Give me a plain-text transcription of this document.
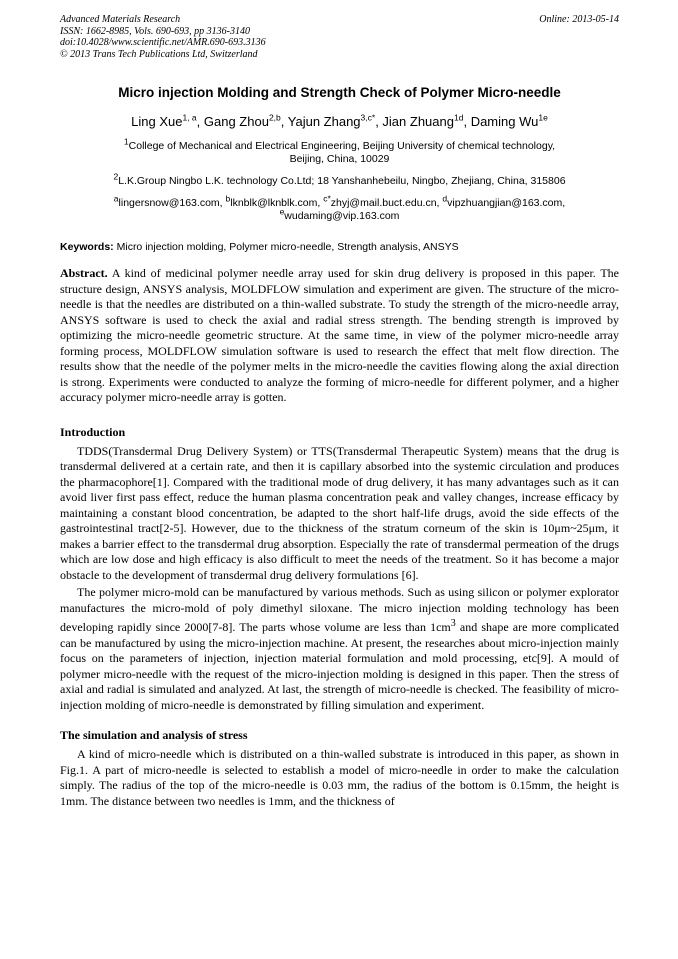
Advanced Materials Research
ISSN: 1662-8985, Vols. 690-693, pp 3136-3140
doi:10.4028/www.scientific.net/AMR.690-693.3136
© 2013 Trans Tech Publications Ltd, Switzerland
Online: 2013-05-14
Micro injection Molding and Strength Check of Polymer Micro-needle
Ling Xue$^{1, a}$, Gang Zhou$^{2,b}$, Yajun Zhang$^{3,c*}$, Jian Zhuang$^{1d}$, Daming $Wu^{1e}$
$^1$College of Mechanical and Electrical Engineering, Beijing University of chemical technology,
Beijing, China, 10029
$^2$L.K.Group Ningbo L.K. technology Co.Ltd; 18 Yanshanhebeilu, Ningbo, Zhejiang, China, 315806
$^a$lingersnow@163.com, $^b$lknblk@lknblk.com, $^{c*}$zhyj@mail.buct.edu.cn, $^d$vipzhuangjian@163.com,
$^e$wudaming@vip.163.com

Keywords: Micro injection molding, Polymer micro-needle, Strength analysis, ANSYS

Abstract. A kind of medicinal polymer needle array used for skin drug delivery is proposed in this paper. The structure design, ANSYS analysis, MOLDFLOW simulation and experiment are given. The structure of the micro-needle is that the needles are distributed on a thin-walled substrate. To study the strength of the micro-needle array, ANSYS software is used to check the axial and radial stress strength. The bending strength is improved by optimizing the micro-needle geometric structure. At the same time, in view of the polymer micro-needle array forming process, MOLDFLOW simulation software is used to research the effect that melt flow direction. The results show that the needle of the polymer melts in the micro-needle the cavities flowing along the axial direction is strong. Experiments were conducted to analyze the forming of micro-needle for different polymer, and a higher accuracy polymer micro-needle array is gotten.

Introduction

TDDS(Transdermal Drug Delivery System) or TTS(Transdermal Therapeutic System) means that the drug is transdermal delivered at a certain rate, and then it is capillary absorbed into the systemic circulation and produces the pharmacophore[1]. Compared with the traditional mode of drug delivery, it has many advantages such as it can avoid liver first pass effect, reduce the human plasma concentration peak and valley changes, increase efficacy by maintaining a constant blood concentration, be adapted to the short half-life drugs, avoid the side effects of the gastrointestinal tract[2-5]. However, due to the thickness of the stratum corneum of the skin is 10μm~25μm, it makes a barrier effect to the transdermal drug absorption. Especially the rate of transdermal permeation of the drugs which are low dose and high efficacy is also difficult to meet the needs of the treatment. So it has become a major obstacle to the development of transdermal drug delivery formulations [6].

The polymer micro-mold can be manufactured by various methods. Such as using silicon or polymer explorator manufactures the micro-mold of poly dimethyl siloxane. The micro injection molding technology has been developing rapidly since 2000[7-8]. The parts whose volume are less than $1cm^3$ and shape are more complicated can be manufactured by using the micro-injection machine. At present, the researches about micro-injection mainly focus on the parameters of injection, injection material formulation and mold processing, etc[9]. A mould of polymer micro-needle with the request of the micro-injection molding is designed in this paper. Then the stress of axial and radial is simulated and analyzed. At last, the strength of micro-needle is checked. The feasibility of micro-injection molding of micro-needle is demonstrated by filling simulation and experiment.

The simulation and analysis of stress

A kind of micro-needle which is distributed on a thin-walled substrate is introduced in this paper, as shown in Fig.1. A part of micro-needle is selected to establish a model of micro-needle in order to make the calculation simply. The radius of the top of the micro-needle is 0.03 mm, the radius of the bottom is 0.15mm, the height is 1mm. The distance between two needles is 1mm, and the thickness of
